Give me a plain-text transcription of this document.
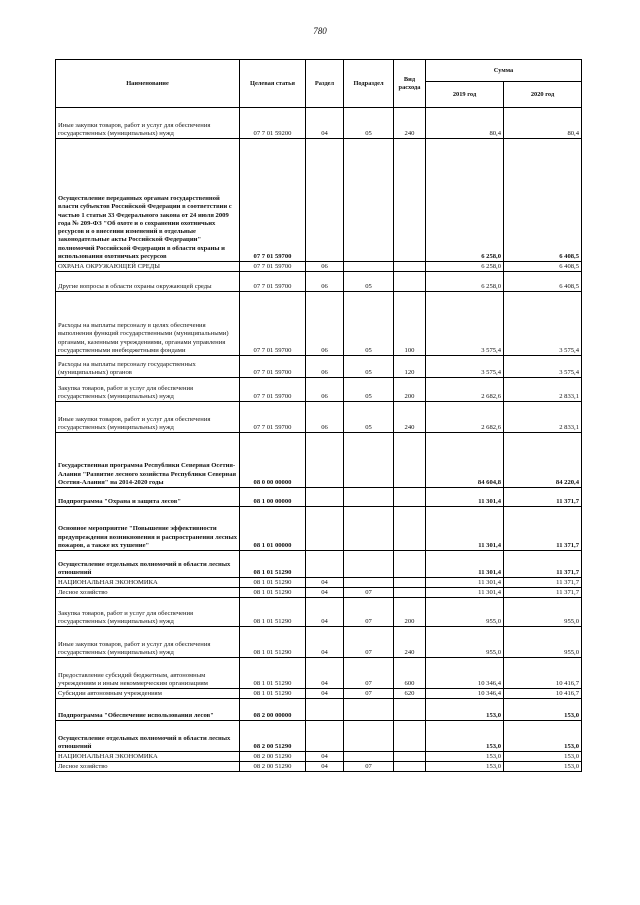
780
Наименование	Целевая статья	Раздел	Подраздел	Вид расхода	Сумма	
					2019 год	2020 год
Иные закупки товаров, работ и услуг для обеспечения государственных (муниципальных) нужд	07 7 01 59200	04	05	240	80,4	80,4
Осуществление переданных органам государственной власти субъектов Российской Федерации в соответствии с частью 1 статьи 33 Федерального закона от 24 июля 2009 года № 209-ФЗ "Об охоте и о сохранении охотничьих ресурсов и о внесении изменений в отдельные законодательные акты Российской Федерации" полномочий Российской Федерации в области охраны и использования охотничьих ресурсов	07 7 01 59700				6 258,0	6 408,5
ОХРАНА ОКРУЖАЮЩЕЙ СРЕДЫ	07 7 01 59700	06			6 258,0	6 408,5
Другие вопросы в области охраны окружающей среды	07 7 01 59700	06	05		6 258,0	6 408,5
Расходы на выплаты персоналу в целях обеспечения выполнения функций государственными (муниципальными) органами, казенными учреждениями, органами управления государственными внебюджетными фондами	07 7 01 59700	06	05	100	3 575,4	3 575,4
Расходы на выплаты персоналу государственных (муниципальных) органов	07 7 01 59700	06	05	120	3 575,4	3 575,4
Закупка товаров, работ и услуг для обеспечения государственных (муниципальных) нужд	07 7 01 59700	06	05	200	2 682,6	2 833,1
Иные закупки товаров, работ и услуг для обеспечения государственных (муниципальных) нужд	07 7 01 59700	06	05	240	2 682,6	2 833,1
Государственная программа Республики Северная Осетия-Алания "Развитие лесного хозяйства Республики Северная Осетия-Алания" на 2014-2020 годы	08 0 00 00000				84 604,8	84 220,4
Подпрограмма "Охрана и защита лесов"	08 1 00 00000				11 301,4	11 371,7
Основное мероприятие "Повышение эффективности предупреждения возникновения и распространения лесных пожаров, а также их тушение"	08 1 01 00000				11 301,4	11 371,7
Осуществление отдельных полномочий в области лесных отношений	08 1 01 51290				11 301,4	11 371,7
НАЦИОНАЛЬНАЯ ЭКОНОМИКА	08 1 01 51290	04			11 301,4	11 371,7
Лесное хозяйство	08 1 01 51290	04	07		11 301,4	11 371,7
Закупка товаров, работ и услуг для обеспечения государственных (муниципальных) нужд	08 1 01 51290	04	07	200	955,0	955,0
Иные закупки товаров, работ и услуг для обеспечения государственных (муниципальных) нужд	08 1 01 51290	04	07	240	955,0	955,0
Предоставление субсидий бюджетным, автономным учреждениям и иным некоммерческим организациям	08 1 01 51290	04	07	600	10 346,4	10 416,7
Субсидии автономным учреждениям	08 1 01 51290	04	07	620	10 346,4	10 416,7
Подпрограмма "Обеспечение использования лесов"	08 2 00 00000				153,0	153,0
Осуществление отдельных полномочий в области лесных отношений	08 2 00 51290				153,0	153,0
НАЦИОНАЛЬНАЯ ЭКОНОМИКА	08 2 00 51290	04			153,0	153,0
Лесное хозяйство	08 2 00 51290	04	07		153,0	153,0
